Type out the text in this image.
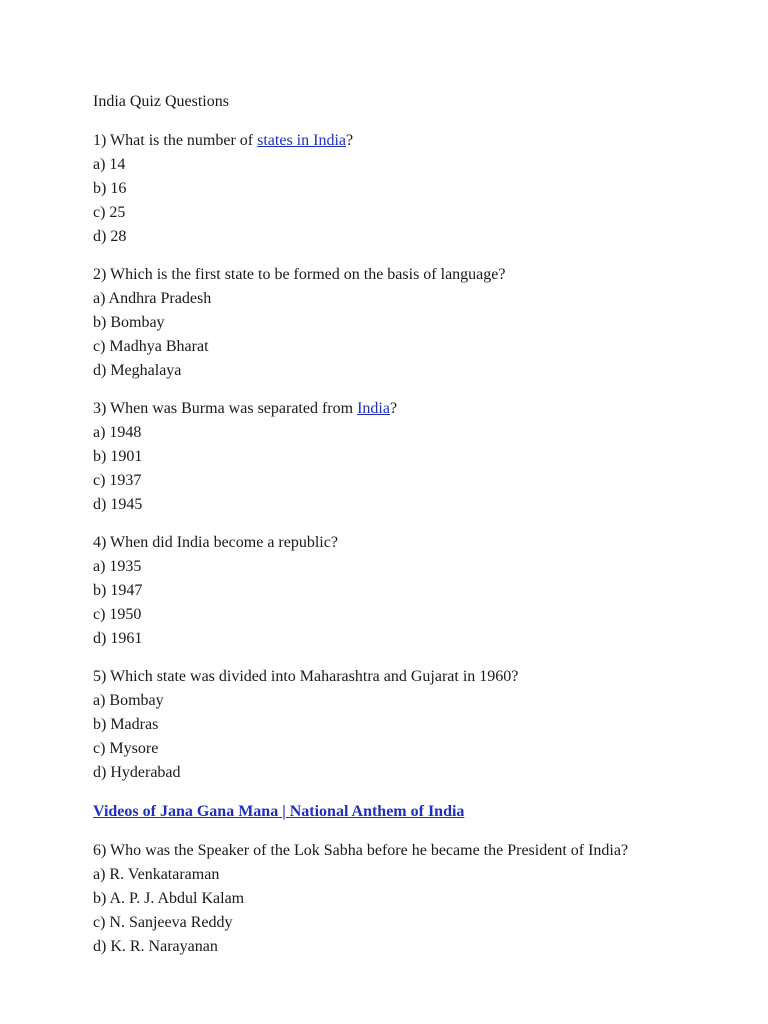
India Quiz Questions

1) What is the number of states in India?

a) 14

b) 16

c) 25

d) 28

2) Which is the first state to be formed on the basis of language?

a) Andhra Pradesh

b) Bombay

c) Madhya Bharat

d) Meghalaya

3) When was Burma was separated from India?

a) 1948

b) 1901

c) 1937

d) 1945

4) When did India become a republic?

a) 1935

b) 1947

c) 1950

d) 1961

5) Which state was divided into Maharashtra and Gujarat in 1960?

a) Bombay

b) Madras

c) Mysore

d) Hyderabad

Videos of Jana Gana Mana | National Anthem of India

6) Who was the Speaker of the Lok Sabha before he became the President of India?

a) R. Venkataraman

b) A. P. J. Abdul Kalam

c) N. Sanjeeva Reddy

d) K. R. Narayanan
